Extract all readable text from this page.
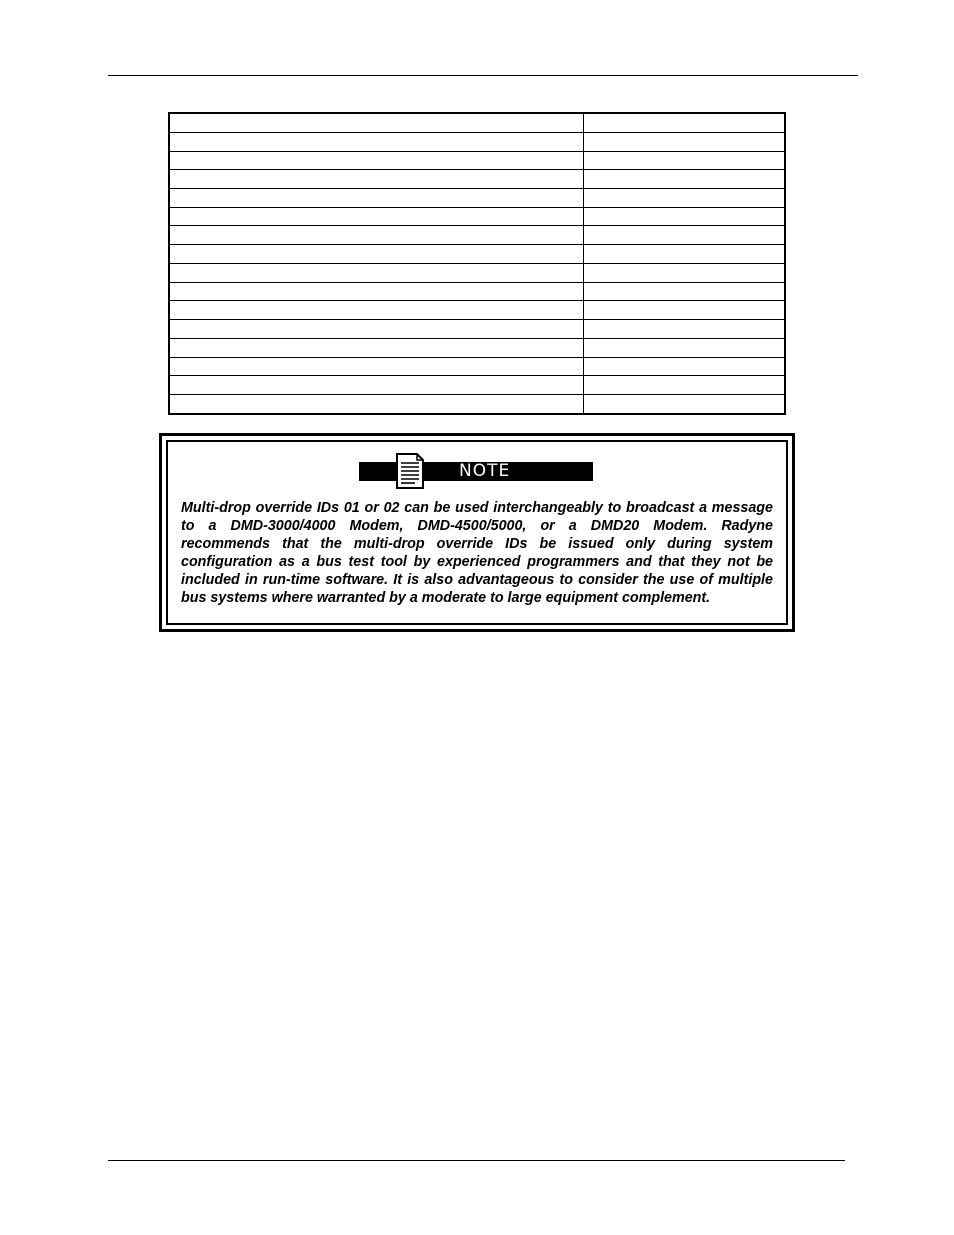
NOTE

Multi-drop override IDs 01 or 02 can be used interchangeably to broadcast a message to a DMD-3000/4000 Modem, DMD-4500/5000, or a DMD20 Modem. Radyne recommends that the multi-drop override IDs be issued only during system configuration as a bus test tool by experienced programmers and that they not be included in run-time software. It is also advantageous to consider the use of multiple bus systems where warranted by a moderate to large equipment complement.
